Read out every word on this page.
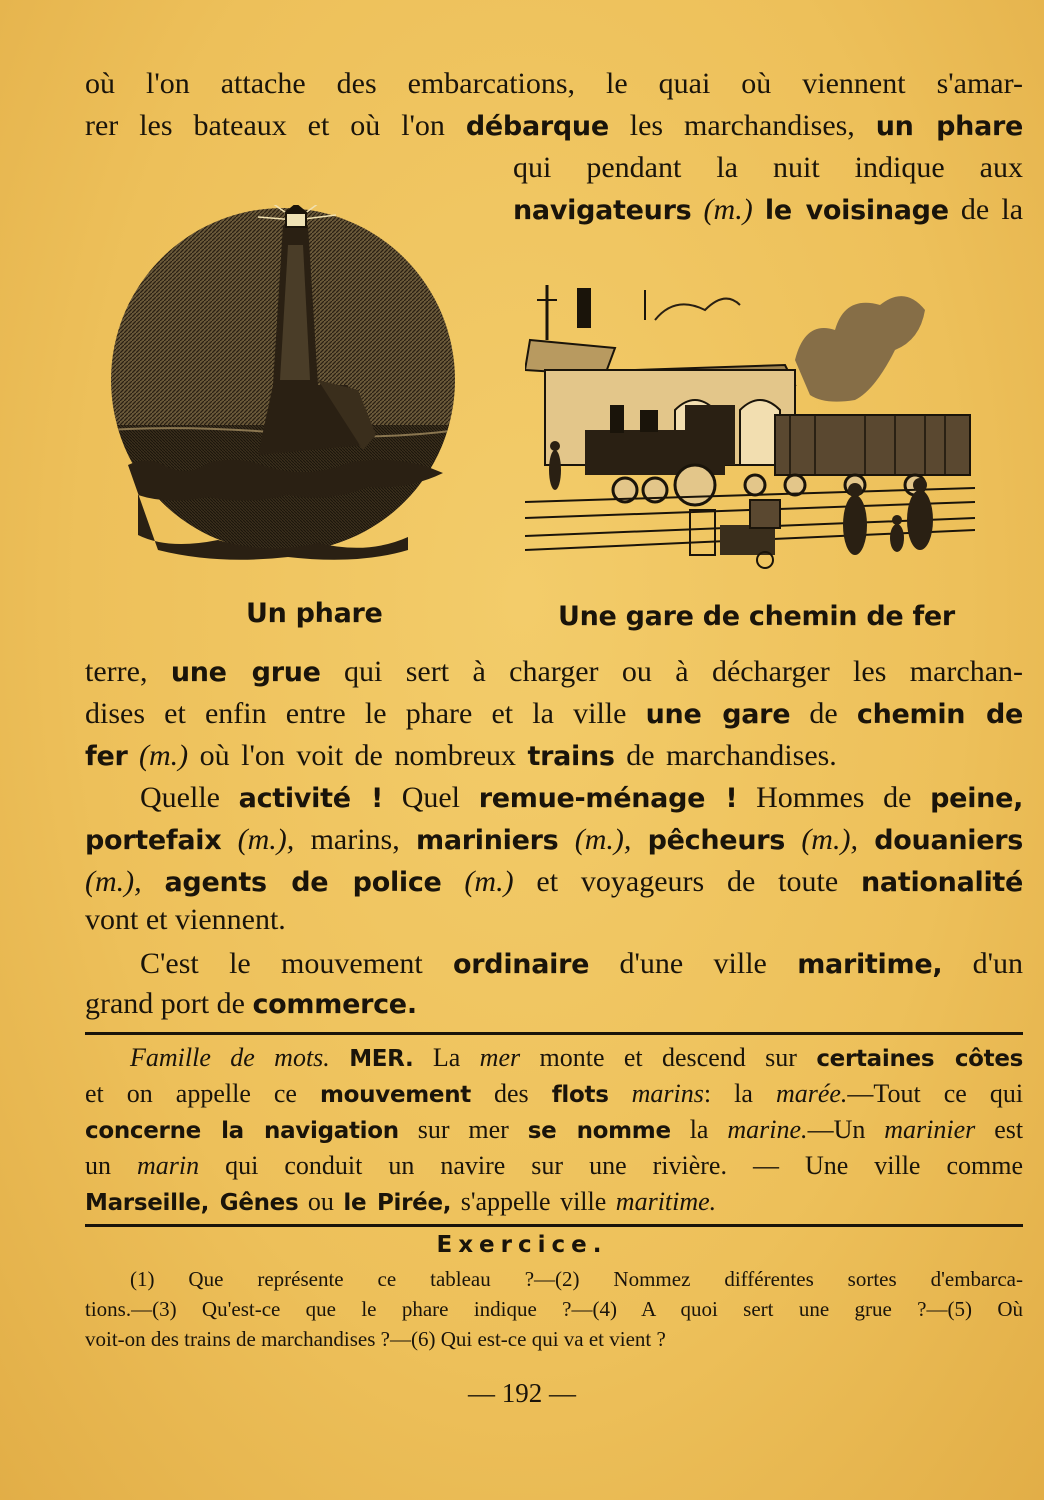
où l'on attache des embarcations, le quai où viennent s'amar-
rer les bateaux et où l'on débarque les marchandises, un phare
qui pendant la nuit indique aux
navigateurs (m.) le voisinage de la
Un phare	Une gare de chemin de fer
terre, une grue qui sert à charger ou à décharger les marchan-
dises et enfin entre le phare et la ville une gare de chemin de
fer (m.) où l'on voit de nombreux trains de marchandises.
Quelle activité ! Quel remue-ménage ! Hommes de peine,
portefaix (m.), marins, mariniers (m.), pêcheurs (m.), douaniers
(m.), agents de police (m.) et voyageurs de toute nationalité
vont et viennent.
C'est le mouvement ordinaire d'une ville maritime, d'un
grand port de commerce.
Famille de mots. MER. La mer monte et descend sur certaines côtes
et on appelle ce mouvement des flots marins: la marée.—Tout ce qui
concerne la navigation sur mer se nomme la marine.—Un marinier est
un marin qui conduit un navire sur une rivière. — Une ville comme
Marseille, Gênes ou le Pirée, s'appelle ville maritime.
Exercice.
(1) Que représente ce tableau ?—(2) Nommez différentes sortes d'embarca-
tions.—(3) Qu'est-ce que le phare indique ?—(4) A quoi sert une grue ?—(5) Où
voit-on des trains de marchandises ?—(6) Qui est-ce qui va et vient ?
— 192 —
